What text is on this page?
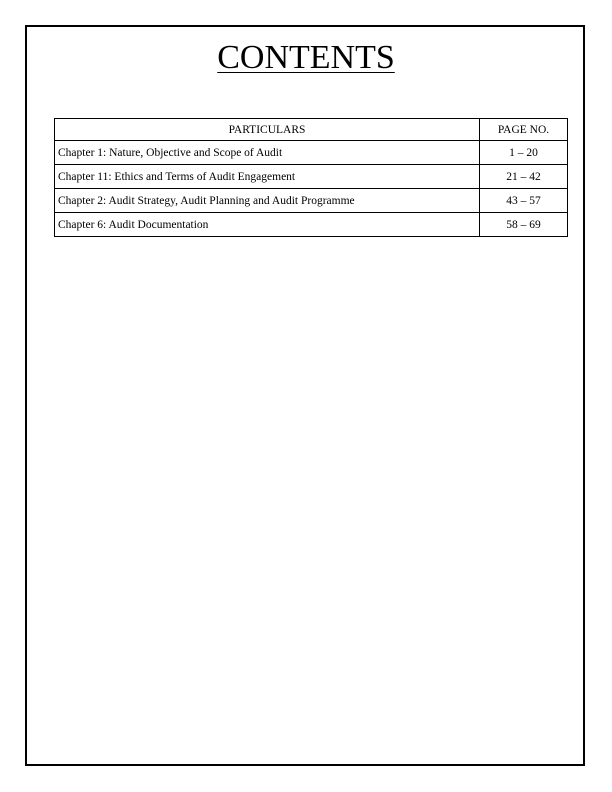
CONTENTS
PARTICULARS	PAGE NO.
Chapter 1: Nature, Objective and Scope of Audit	1 – 20
Chapter 11: Ethics and Terms of Audit Engagement	21 – 42
Chapter 2: Audit Strategy, Audit Planning and Audit Programme	43 – 57
Chapter 6: Audit Documentation	58 – 69
